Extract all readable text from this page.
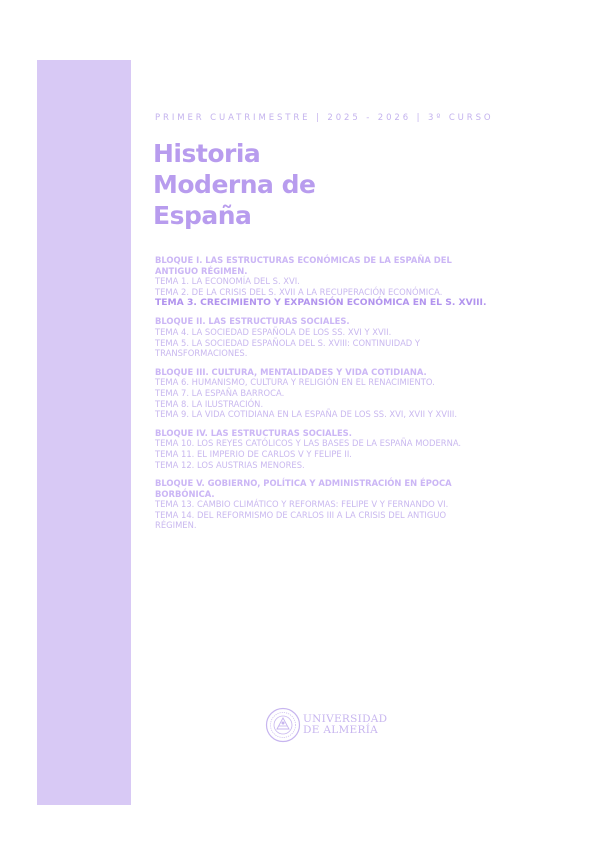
PRIMER CUATRIMESTRE | 2025 - 2026 | 3º CURSO
Historia
Moderna de
España
BLOQUE I. LAS ESTRUCTURAS ECONÓMICAS DE LA ESPAÑA DEL ANTIGUO RÉGIMEN.
TEMA 1. LA ECONOMÍA DEL S. XVI.
TEMA 2. DE LA CRISIS DEL S. XVII A LA RECUPERACIÓN ECONÓMICA.
TEMA 3. CRECIMIENTO Y EXPANSIÓN ECONÓMICA EN EL S. XVIII.
BLOQUE II. LAS ESTRUCTURAS SOCIALES.
TEMA 4. LA SOCIEDAD ESPAÑOLA DE LOS SS. XVI Y XVII.
TEMA 5. LA SOCIEDAD ESPAÑOLA DEL S. XVIII: CONTINUIDAD Y TRANSFORMACIONES.
BLOQUE III. CULTURA, MENTALIDADES Y VIDA COTIDIANA.
TEMA 6. HUMANISMO, CULTURA Y RELIGIÓN EN EL RENACIMIENTO.
TEMA 7. LA ESPAÑA BARROCA.
TEMA 8. LA ILUSTRACIÓN.
TEMA 9. LA VIDA COTIDIANA EN LA ESPAÑA DE LOS SS. XVI, XVII Y XVIII.
BLOQUE IV. LAS ESTRUCTURAS SOCIALES.
TEMA 10. LOS REYES CATÓLICOS Y LAS BASES DE LA ESPAÑA MODERNA.
TEMA 11. EL IMPERIO DE CARLOS V Y FELIPE II.
TEMA 12. LOS AUSTRIAS MENORES.
BLOQUE V. GOBIERNO, POLÍTICA Y ADMINISTRACIÓN EN ÉPOCA BORBÓNICA.
TEMA 13. CAMBIO CLIMÁTICO Y REFORMAS: FELIPE V Y FERNANDO VI.
TEMA 14. DEL REFORMISMO DE CARLOS III A LA CRISIS DEL ANTIGUO RÉGIMEN.
UNIVERSIDAD
DE ALMERÍA
